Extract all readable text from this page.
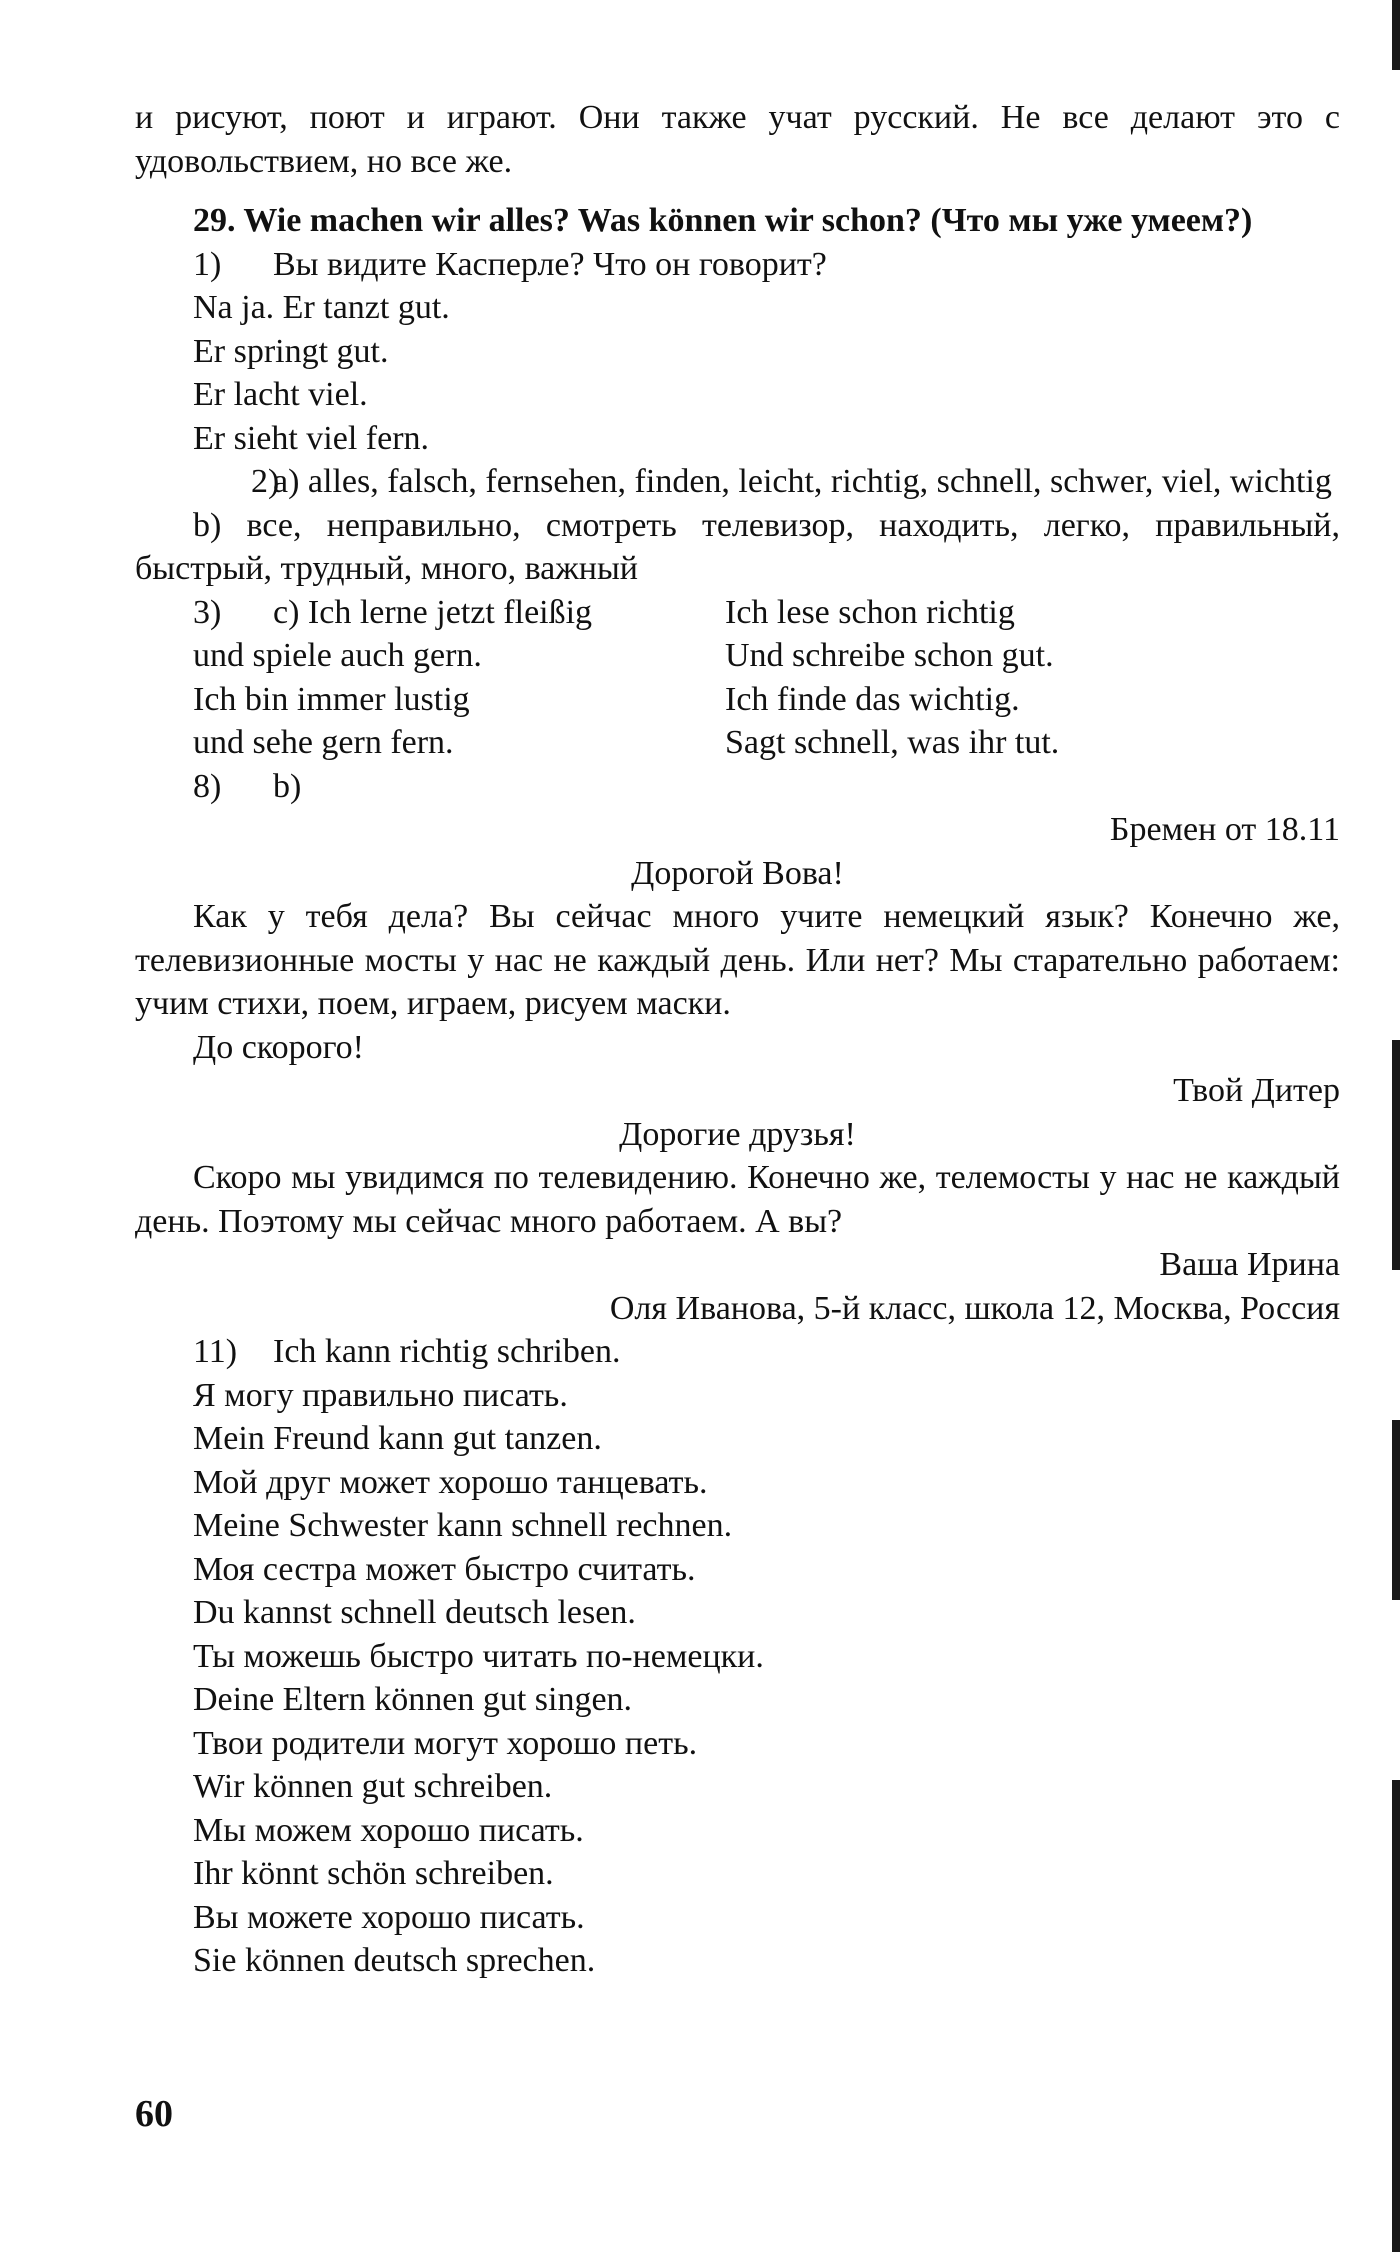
и рисуют, поют и играют. Они также учат русский. Не все делают это с удовольствием, но все же.

29. Wie machen wir alles? Was können wir schon? (Что мы уже умеем?)

1) Вы видите Касперле? Что он говорит?
Na ja. Er tanzt gut.
Er springt gut.
Er lacht viel.
Er sieht viel fern.

2)a) alles, falsch, fernsehen, finden, leicht, richtig, schnell, schwer, viel, wichtig

b) все, неправильно, смотреть телевизор, находить, легко, правильный, быстрый, трудный, много, важный

3) c) Ich lerne jetzt fleißig
und spiele auch gern.
Ich bin immer lustig
und sehe gern fern.
Ich lese schon richtig
Und schreibe schon gut.
Ich finde das wichtig.
Sagt schnell, was ihr tut.
8) b)
Бремен от 18.11
Дорогой Вова!

Как у тебя дела? Вы сейчас много учите немецкий язык? Конечно же, телевизионные мосты у нас не каждый день. Или нет? Мы старательно работаем: учим стихи, поем, играем, рисуем маски.

До скорого!
Твой Дитер
Дорогие друзья!

Скоро мы увидимся по телевидению. Конечно же, телемосты у нас не каждый день. Поэтому мы сейчас много работаем. А вы?

Ваша Ирина
Оля Иванова, 5-й класс, школа 12, Москва, Россия
11) Ich kann richtig schriben.
Я могу правильно писать.
Mein Freund kann gut tanzen.
Мой друг может хорошо танцевать.
Meine Schwester kann schnell rechnen.
Моя сестра может быстро считать.
Du kannst schnell deutsch lesen.
Ты можешь быстро читать по-немецки.
Deine Eltern können gut singen.
Твои родители могут хорошо петь.
Wir können gut schreiben.
Мы можем хорошо писать.
Ihr könnt schön schreiben.
Вы можете хорошо писать.
Sie können deutsch sprechen.
60
